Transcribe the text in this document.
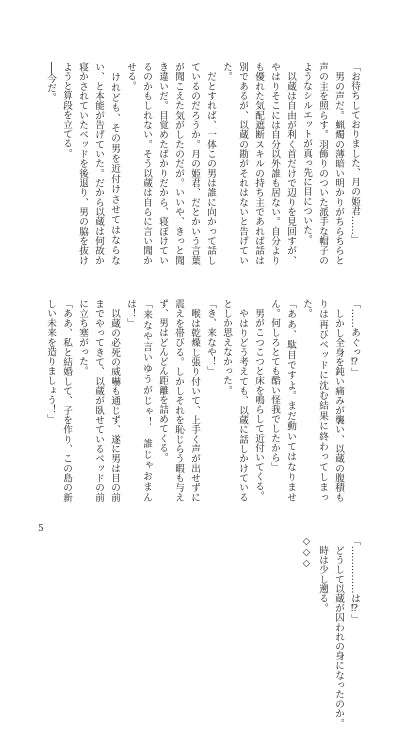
「お待ちしておりました、月の姫君……」

　男の声だ。蝋燭の薄暗い明かりがちらちらと声の主を照らす。羽飾りのついた派手な帽子のようなシルエットが真っ先に目についた。

　以蔵は自由が利く首だけで辺りを見回すが、やはりそこには自分以外誰も居ない。自分よりも優れた気配遮断スキルの持ち主であれば話は別であるが、以蔵の勘がそれはないと告げていた。

　だとすれば、一体この男は誰に向かって話しているのだろうか。月の姫君、だとかいう言葉が聞こえた気がしたのだが。いいや、きっと聞き違いだ。目覚めたばかりだから、寝ぼけているのかもしれない。そう以蔵は自らに言い聞かせる。

　けれども、その男を近付けさせてはならない、と本能が告げていた。だから以蔵は何故か寝かされていたベッドを後退り、男の脇を抜けようと算段を立てる。

──今だ。

「……あぐっ⁉」

　しかし全身を鈍い痛みが襲い、以蔵の腹積もりは再びベッドに沈む結果に終わってしまった。

「ああ、駄目ですよ。まだ動いてはなりません。何しろとても酷い怪我でしたから」

　男がこつこつと床を鳴らして近付いてくる。

　やはりどう考えても、以蔵に話しかけているとしか思えなかった。

「き、来なや！」

　喉は乾燥し張り付いて、上手く声が出せずに震えを帯びる。しかしそれを恥じらう暇も与えず、男はどんどん距離を詰めてくる。

「来なや言いゆうがじゃ！　誰じゃおまんは！」

　以蔵の必死の威嚇も通じず、遂に男は目の前までやってきて、以蔵が臥せているベッドの前に立ち塞がった。

「ああ、私と結婚して、子を作り、この島の新しい未来を造りましょう！」

「……………は⁉」

　どうして以蔵が囚われの身になったのか。

　時は少し遡る。

◇◇◇

5
